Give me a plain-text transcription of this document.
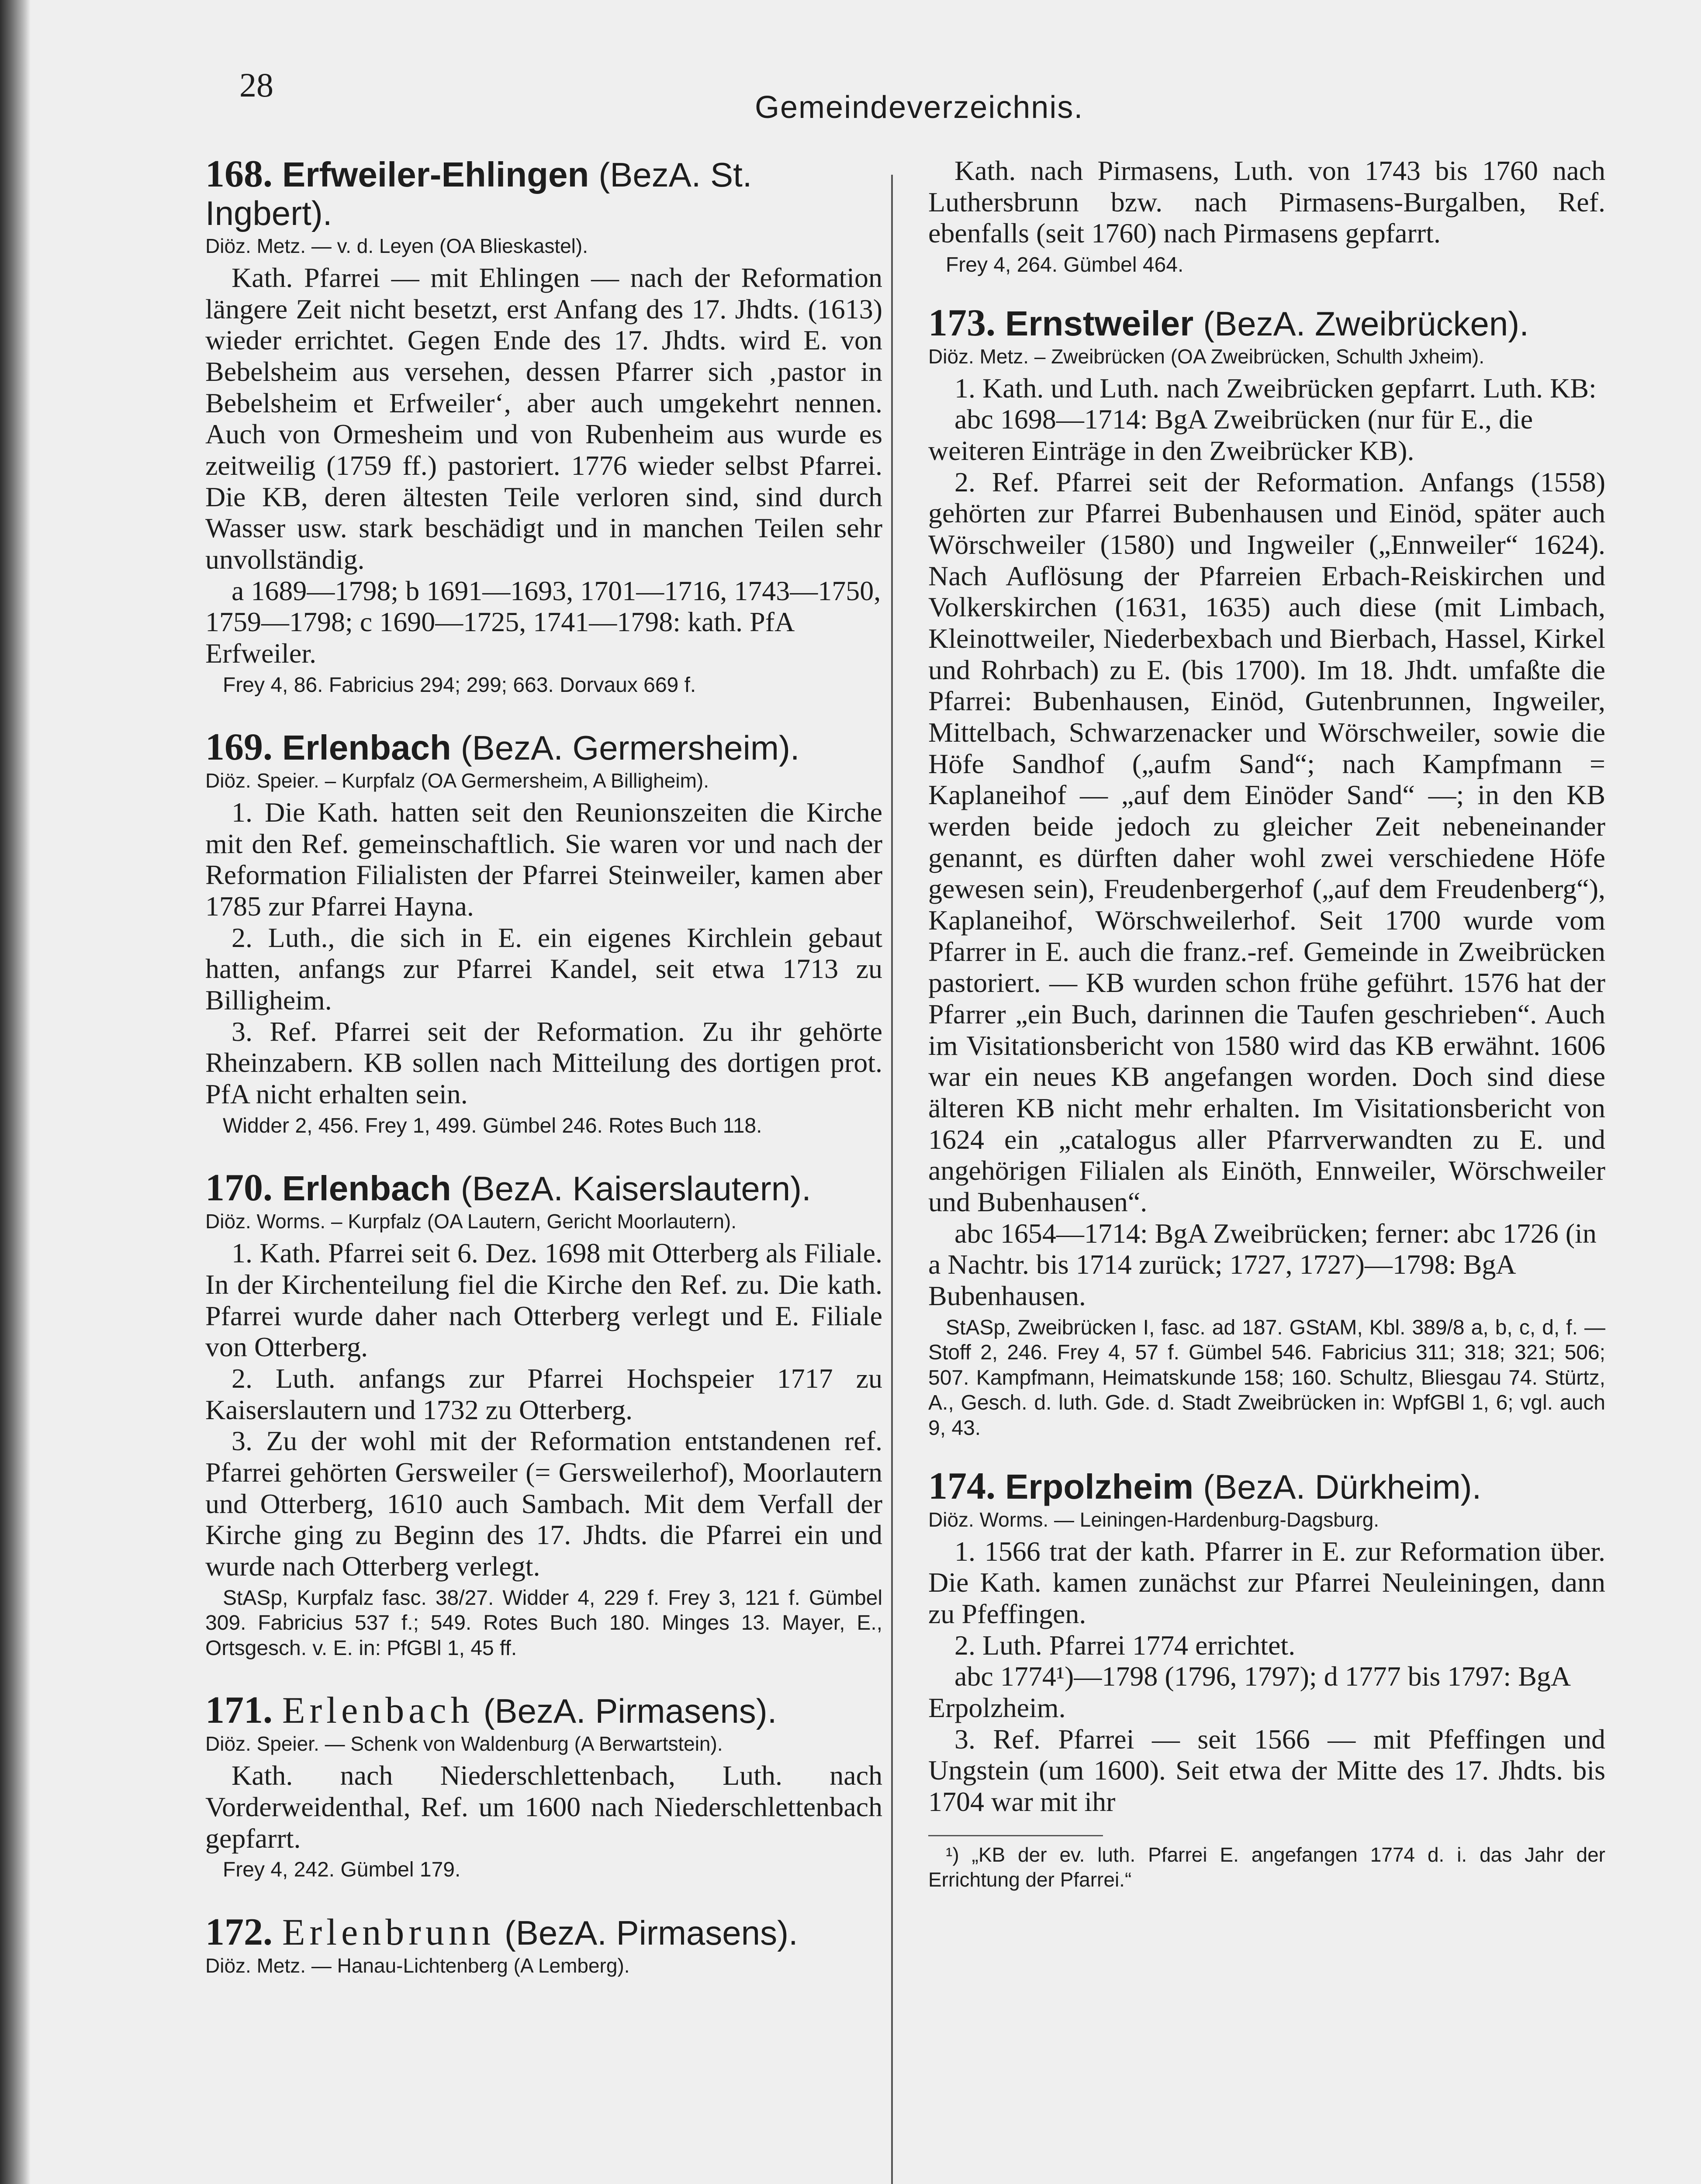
28
Gemeindeverzeichnis.
168. Erfweiler-Ehlingen (BezA. St. Ingbert).
Diöz. Metz. — v. d. Leyen (OA Blieskastel).

Kath. Pfarrei — mit Ehlingen — nach der Reformation längere Zeit nicht besetzt, erst Anfang des 17. Jhdts. (1613) wieder errichtet. Gegen Ende des 17. Jhdts. wird E. von Bebelsheim aus versehen, dessen Pfarrer sich ‚pastor in Bebelsheim et Erfweiler‘, aber auch umgekehrt nennen. Auch von Ormesheim und von Rubenheim aus wurde es zeitweilig (1759 ff.) pastoriert. 1776 wieder selbst Pfarrei. Die KB, deren ältesten Teile verloren sind, sind durch Wasser usw. stark beschädigt und in manchen Teilen sehr unvollständig.

a 1689—1798; b 1691—1693, 1701—1716, 1743—1750, 1759—1798; c 1690—1725, 1741—1798: kath. PfA Erfweiler.

Frey 4, 86. Fabricius 294; 299; 663. Dorvaux 669 f.

169. Erlenbach (BezA. Germersheim).
Diöz. Speier. – Kurpfalz (OA Germersheim, A Billigheim).

1. Die Kath. hatten seit den Reunionszeiten die Kirche mit den Ref. gemeinschaftlich. Sie waren vor und nach der Reformation Filialisten der Pfarrei Steinweiler, kamen aber 1785 zur Pfarrei Hayna.

2. Luth., die sich in E. ein eigenes Kirchlein gebaut hatten, anfangs zur Pfarrei Kandel, seit etwa 1713 zu Billigheim.

3. Ref. Pfarrei seit der Reformation. Zu ihr gehörte Rheinzabern. KB sollen nach Mitteilung des dortigen prot. PfA nicht erhalten sein.

Widder 2, 456. Frey 1, 499. Gümbel 246. Rotes Buch 118.

170. Erlenbach (BezA. Kaiserslautern).
Diöz. Worms. – Kurpfalz (OA Lautern, Gericht Moorlautern).

1. Kath. Pfarrei seit 6. Dez. 1698 mit Otterberg als Filiale. In der Kirchenteilung fiel die Kirche den Ref. zu. Die kath. Pfarrei wurde daher nach Otterberg verlegt und E. Filiale von Otterberg.

2. Luth. anfangs zur Pfarrei Hochspeier 1717 zu Kaiserslautern und 1732 zu Otterberg.

3. Zu der wohl mit der Reformation entstandenen ref. Pfarrei gehörten Gersweiler (= Gersweilerhof), Moorlautern und Otterberg, 1610 auch Sambach. Mit dem Verfall der Kirche ging zu Beginn des 17. Jhdts. die Pfarrei ein und wurde nach Otterberg verlegt.

StASp, Kurpfalz fasc. 38/27. Widder 4, 229 f. Frey 3, 121 f. Gümbel 309. Fabricius 537 f.; 549. Rotes Buch 180. Minges 13. Mayer, E., Ortsgesch. v. E. in: PfGBl 1, 45 ff.

171. Erlenbach (BezA. Pirmasens).
Diöz. Speier. — Schenk von Waldenburg (A Berwartstein).

Kath. nach Niederschlettenbach, Luth. nach Vorderweidenthal, Ref. um 1600 nach Niederschlettenbach gepfarrt.

Frey 4, 242. Gümbel 179.

172. Erlenbrunn (BezA. Pirmasens).
Diöz. Metz. — Hanau-Lichtenberg (A Lemberg).

Kath. nach Pirmasens, Luth. von 1743 bis 1760 nach Luthersbrunn bzw. nach Pirmasens-Burgalben, Ref. ebenfalls (seit 1760) nach Pirmasens gepfarrt.

Frey 4, 264. Gümbel 464.

173. Ernstweiler (BezA. Zweibrücken).
Diöz. Metz. – Zweibrücken (OA Zweibrücken, Schulth Jxheim).

1. Kath. und Luth. nach Zweibrücken gepfarrt. Luth. KB:

abc 1698—1714: BgA Zweibrücken (nur für E., die weiteren Einträge in den Zweibrücker KB).

2. Ref. Pfarrei seit der Reformation. Anfangs (1558) gehörten zur Pfarrei Bubenhausen und Einöd, später auch Wörschweiler (1580) und Ingweiler („Ennweiler“ 1624). Nach Auflösung der Pfarreien Erbach-Reiskirchen und Volkerskirchen (1631, 1635) auch diese (mit Limbach, Kleinottweiler, Niederbexbach und Bierbach, Hassel, Kirkel und Rohrbach) zu E. (bis 1700). Im 18. Jhdt. umfaßte die Pfarrei: Bubenhausen, Einöd, Gutenbrunnen, Ingweiler, Mittelbach, Schwarzenacker und Wörschweiler, sowie die Höfe Sandhof („aufm Sand“; nach Kampfmann = Kaplaneihof — „auf dem Einöder Sand“ —; in den KB werden beide jedoch zu gleicher Zeit nebeneinander genannt, es dürften daher wohl zwei verschiedene Höfe gewesen sein), Freudenbergerhof („auf dem Freudenberg“), Kaplaneihof, Wörschweilerhof. Seit 1700 wurde vom Pfarrer in E. auch die franz.-ref. Gemeinde in Zweibrücken pastoriert. — KB wurden schon frühe geführt. 1576 hat der Pfarrer „ein Buch, darinnen die Taufen geschrieben“. Auch im Visitationsbericht von 1580 wird das KB erwähnt. 1606 war ein neues KB angefangen worden. Doch sind diese älteren KB nicht mehr erhalten. Im Visitationsbericht von 1624 ein „catalogus aller Pfarrverwandten zu E. und angehörigen Filialen als Einöth, Ennweiler, Wörschweiler und Bubenhausen“.

abc 1654—1714: BgA Zweibrücken; ferner: abc 1726 (in a Nachtr. bis 1714 zurück; 1727, 1727)—1798: BgA Bubenhausen.

StASp, Zweibrücken I, fasc. ad 187. GStAM, Kbl. 389/8 a, b, c, d, f. — Stoff 2, 246. Frey 4, 57 f. Gümbel 546. Fabricius 311; 318; 321; 506; 507. Kampfmann, Heimatskunde 158; 160. Schultz, Bliesgau 74. Stürtz, A., Gesch. d. luth. Gde. d. Stadt Zweibrücken in: WpfGBl 1, 6; vgl. auch 9, 43.

174. Erpolzheim (BezA. Dürkheim).
Diöz. Worms. — Leiningen-Hardenburg-Dagsburg.

1. 1566 trat der kath. Pfarrer in E. zur Reformation über. Die Kath. kamen zunächst zur Pfarrei Neuleiningen, dann zu Pfeffingen.

2. Luth. Pfarrei 1774 errichtet.

abc 1774¹)—1798 (1796, 1797); d 1777 bis 1797: BgA Erpolzheim.

3. Ref. Pfarrei — seit 1566 — mit Pfeffingen und Ungstein (um 1600). Seit etwa der Mitte des 17. Jhdts. bis 1704 war mit ihr

¹) „KB der ev. luth. Pfarrei E. angefangen 1774 d. i. das Jahr der Errichtung der Pfarrei.“
